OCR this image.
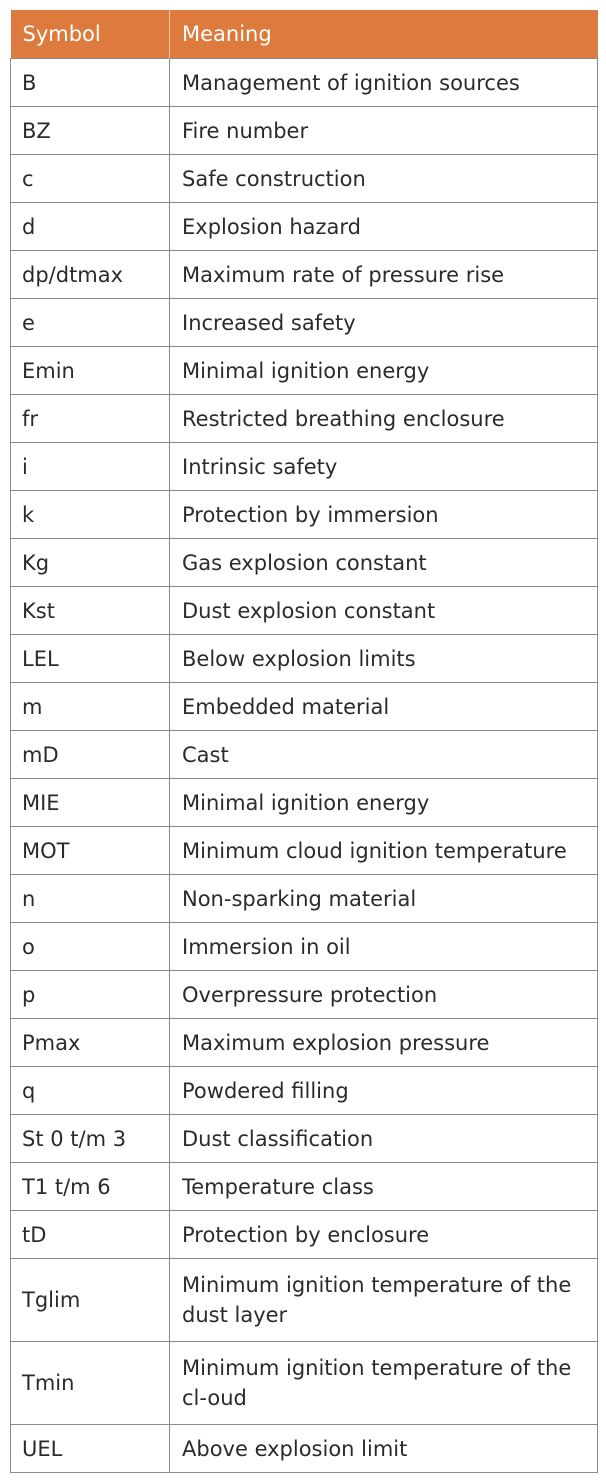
Symbol	Meaning
B	Management of ignition sources
BZ	Fire number
c	Safe construction
d	Explosion hazard
dp/dtmax	Maximum rate of pressure rise
e	Increased safety
Emin	Minimal ignition energy
fr	Restricted breathing enclosure
i	Intrinsic safety
k	Protection by immersion
Kg	Gas explosion constant
Kst	Dust explosion constant
LEL	Below explosion limits
m	Embedded material
mD	Cast
MIE	Minimal ignition energy
MOT	Minimum cloud ignition temperature
n	Non-sparking material
o	Immersion in oil
p	Overpressure protection
Pmax	Maximum explosion pressure
q	Powdered filling
St 0 t/m 3	Dust classification
T1 t/m 6	Temperature class
tD	Protection by enclosure
Tglim	Minimum ignition temperature of the dust layer
Tmin	Minimum ignition temperature of the cl-oud
UEL	Above explosion limit
